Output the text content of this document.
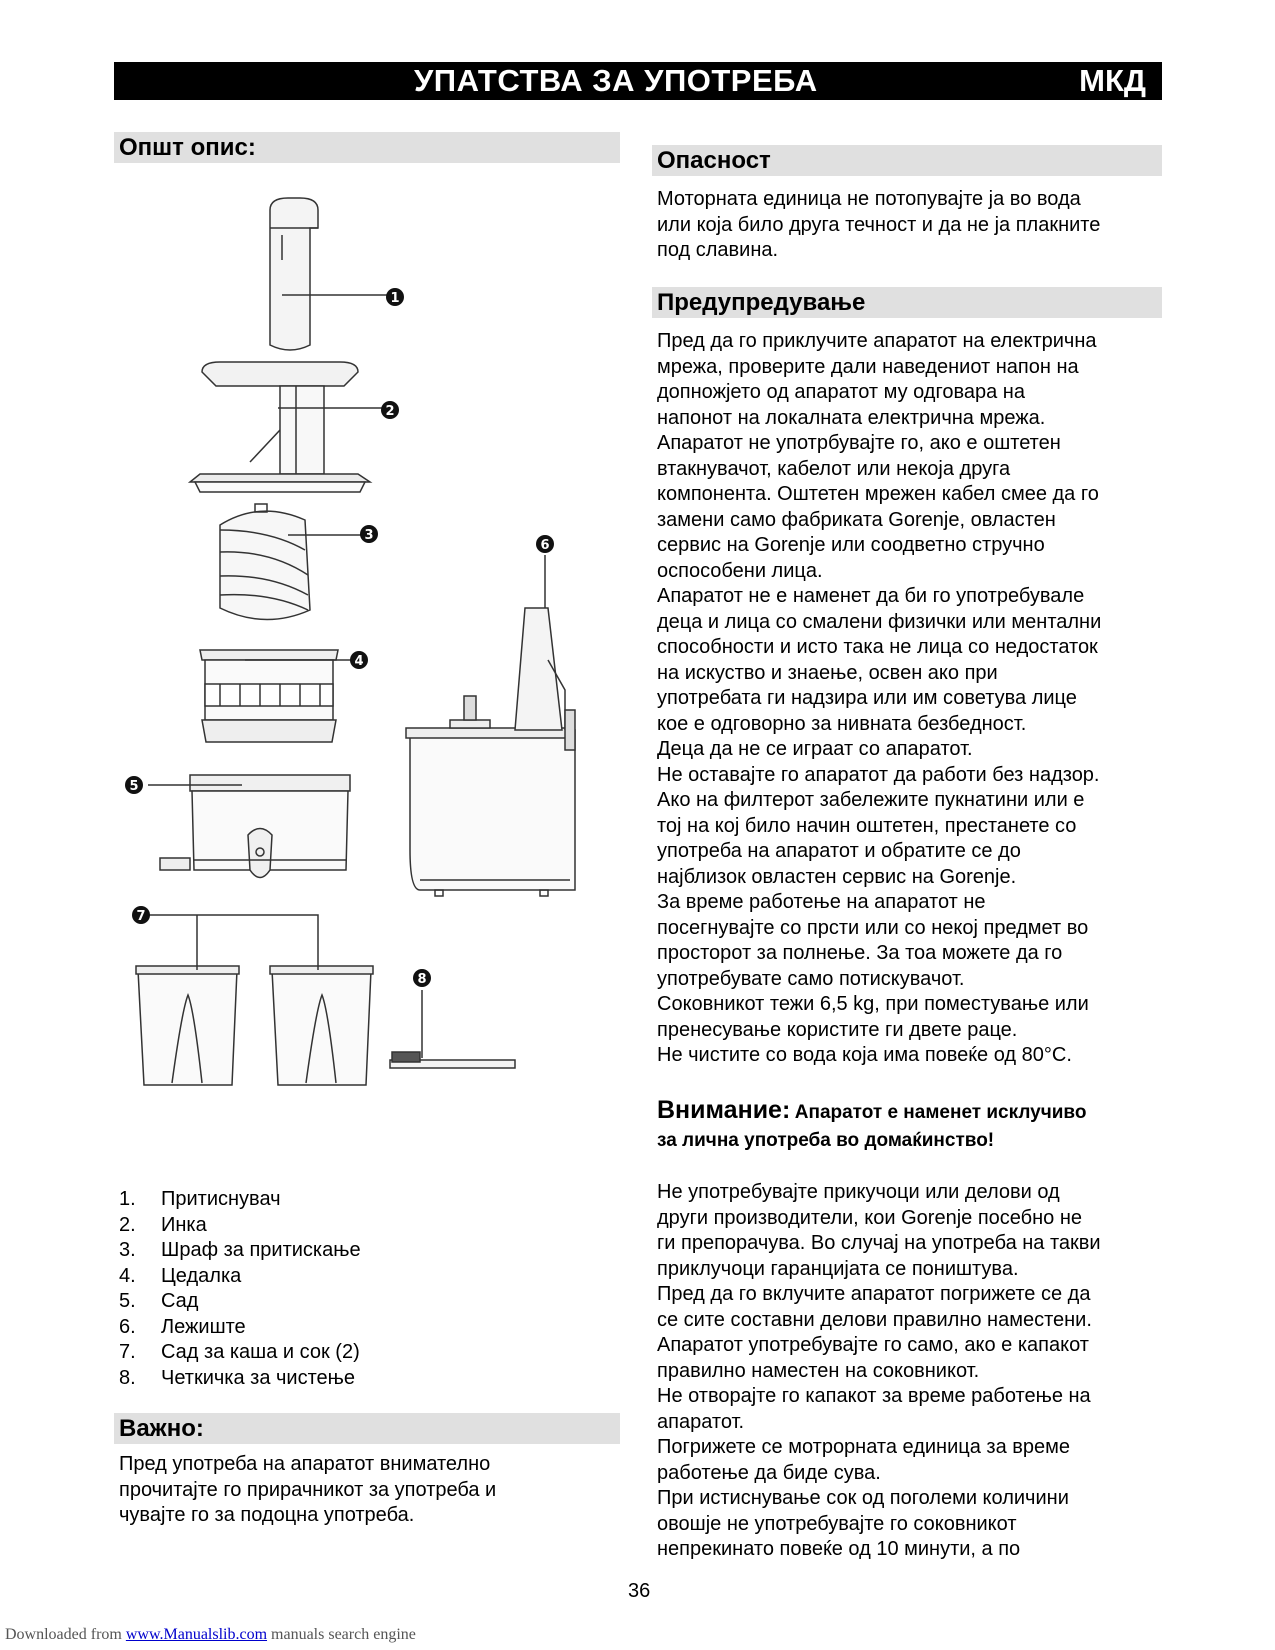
УПАТСТВА ЗА УПОТРЕБА	МКД
Општ опис:
1
2
3
4
5
6
7
8
1.	Притиснувач
2.	Инка
3.	Шраф за притискање
4.	Цедалка
5.	Сад
6.	Лежиште
7.	Сад за каша и сок (2)
8.	Четкичка за чистење
Важно:
Пред употреба на апаратот внимателно
прочитајте го прирачникот за употреба и
чувајте го за подоцна употреба.
Опасност
Моторната единица не потопувајте ја во вода
или која било друга течност и да не ја плакните
под славина.
Предупредување
Пред да го приклучите апаратот на електрична
мрежа, проверите дали наведениот напон на
допножјето од апаратот му одговара на
напонот на локалната електрична мрежа.
Апаратот не употрбувајте го, ако е оштетен
втакнувачот, кабелот или некоја друга
компонента. Оштетен мрежен кабел смее да го
замени само фабриката Gorenje, овластен
сервис на Gorenje или соодветно стручно
оспособени лица.
Апаратот не е наменет да би го употребувале
деца и лица со смалени физички или ментални
способности и исто така не лица со недостаток
на искуство и знаење, освен ако при
употребата ги надзира или им советува лице
кое е одговорно за нивната безбедност.
Деца да не се играат со апаратот.
Не оставајте го апаратот да работи без надзор.
Ако на филтерот забележите пукнатини или е
тој на кој било начин оштетен, престанете со
употреба на апаратот и обратите се до
најблизок овластен сервис на Gorenje.
За време работење на апаратот не
посегнувајте со прсти или со некој предмет во
просторот за полнење. За тоа можете да го
употребувате само потискувачот.
Соковникот тежи 6,5 kg, при поместување или
пренесување користите ги двете раце.
Не чистите со вода која има повеќе од 80°C.
Внимание: Апаратот е наменет исклучиво
за лична употреба во домаќинство!
Не употребувајте прикучоци или делови од
други производители, кои Gorenje посебно не
ги препорачува. Во случај на употреба на такви
приклучоци гаранцијата се поништува.
Пред да го вклучите апаратот погрижете се да
се сите составни делови правилно наместени.
Апаратот употребувајте го само, ако е капакот
правилно наместен на соковникот.
Не отворајте го капакот за време работење на
апаратот.
Погрижете се мотрорната единица за време
работење да биде сува.
При истиснување сок од поголеми количини
овошје не употребувајте го соковникот
непрекинато повеќе од 10 минути, а по
36
Downloaded from www.Manualslib.com manuals search engine
